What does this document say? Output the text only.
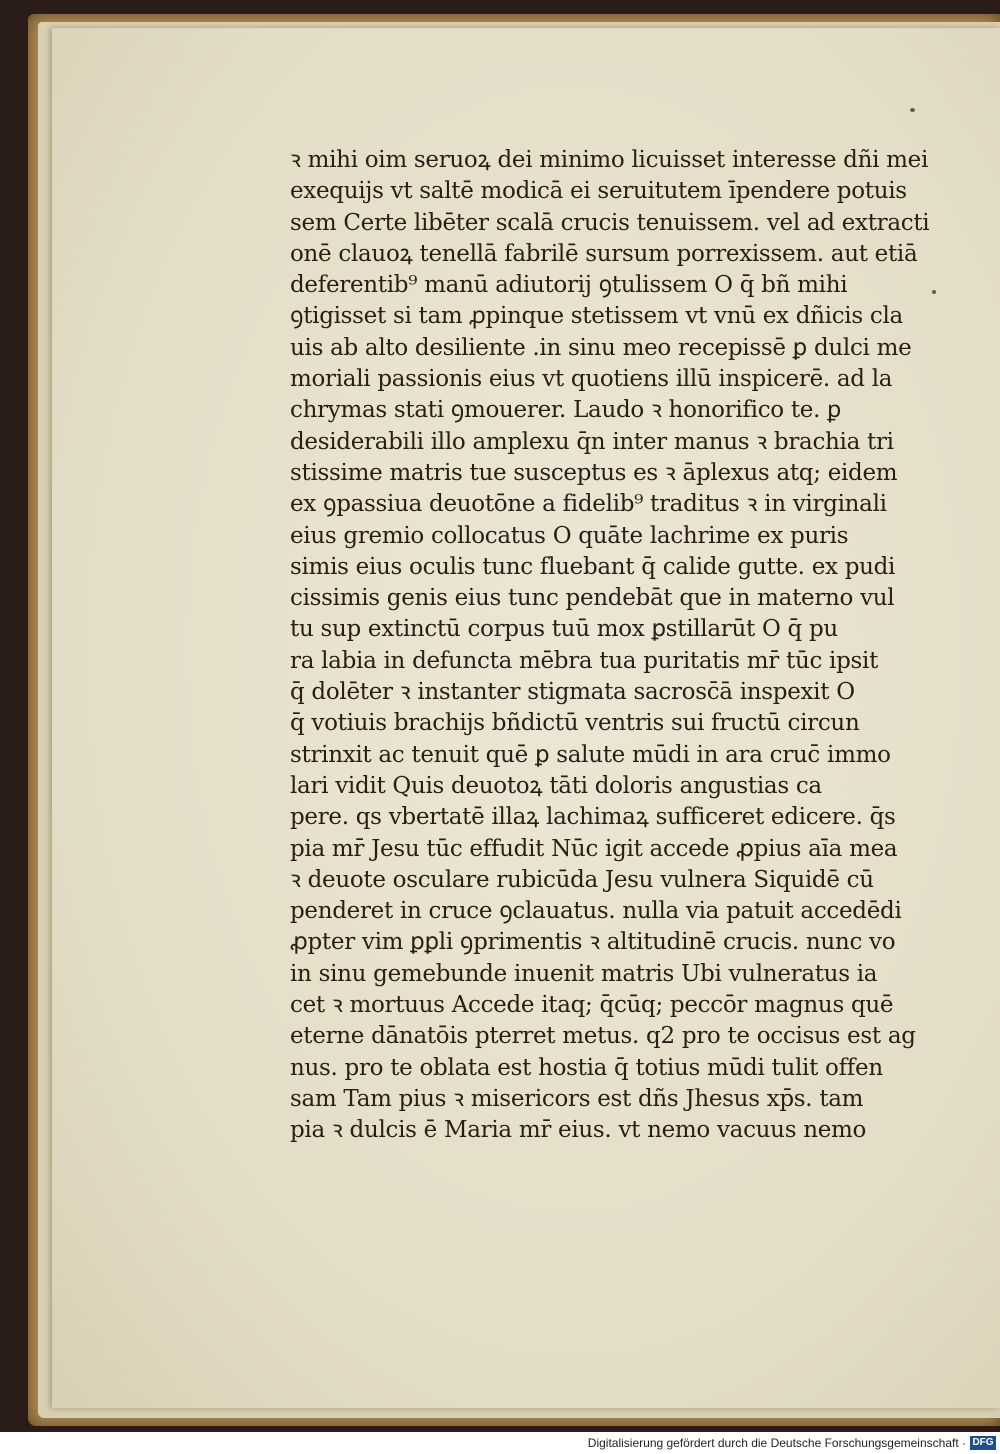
ꝛ mihi oim seruoꝝ dei minimo licuisset interesse dñi mei
exequijs vt saltē modicā ei seruitutem īpendere potuis
sem Certe libēter scalā crucis tenuissem. vel ad extracti
onē clauoꝝ tenellā fabrilē sursum porrexissem. aut etiā
deferentib⁹ manū adiutorij ꝯtulissem O q̄ bñ mihi
ꝯtigisset si tam ꝓpinque stetissem vt vnū ex dñicis cla
uis ab alto desiliente .in sinu meo recepissē ꝑ dulci me
moriali passionis eius vt quotiens illū inspicerē. ad la
chrymas stati ꝯmouerer. Laudo ꝛ honorifico te. ꝑ
desiderabili illo amplexu q̄n inter manus ꝛ brachia tri
stissime matris tue susceptus es ꝛ āplexus atq; eidem
ex ꝯpassiua deuotōne a fidelib⁹ traditus ꝛ in virginali
eius gremio collocatus O quāte lachrime ex puris
simis eius oculis tunc fluebant q̄ calide gutte. ex pudi
cissimis genis eius tunc pendebāt que in materno vul
tu sup extinctū corpus tuū mox ꝑstillarūt O q̄ pu
ra labia in defuncta mēbra tua puritatis mr̄ tūc ipsit
q̄ dolēter ꝛ instanter stigmata sacrosc̄ā inspexit O
q̄ votiuis brachijs bñdictū ventris sui fructū circun
strinxit ac tenuit quē ꝑ salute mūdi in ara cruc̄ immo
lari vidit Quis deuotoꝝ tāti doloris angustias ca
pere. qs vbertatē illaꝝ lachimaꝝ sufficeret edicere. q̄s
pia mr̄ Jesu tūc effudit Nūc igit accede ꝓpius aīa mea
ꝛ deuote osculare rubicūda Jesu vulnera Siquidē cū
penderet in cruce ꝯclauatus. nulla via patuit accedēdi
ꝓpter vim ꝑꝑli ꝯprimentis ꝛ altitudinē crucis. nunc vo
in sinu gemebunde inuenit matris Ubi vulneratus ia
cet ꝛ mortuus Accede itaq; q̄cūq; peccōr magnus quē
eterne dānatōis pterret metus. q2 pro te occisus est ag
nus. pro te oblata est hostia q̄ totius mūdi tulit offen
sam Tam pius ꝛ misericors est dñs Jhesus xp̄s. tam
pia ꝛ dulcis ē Maria mr̄ eius. vt nemo vacuus nemo
Digitalisierung gefördert durch die Deutsche Forschungsgemeinschaft · DFG
